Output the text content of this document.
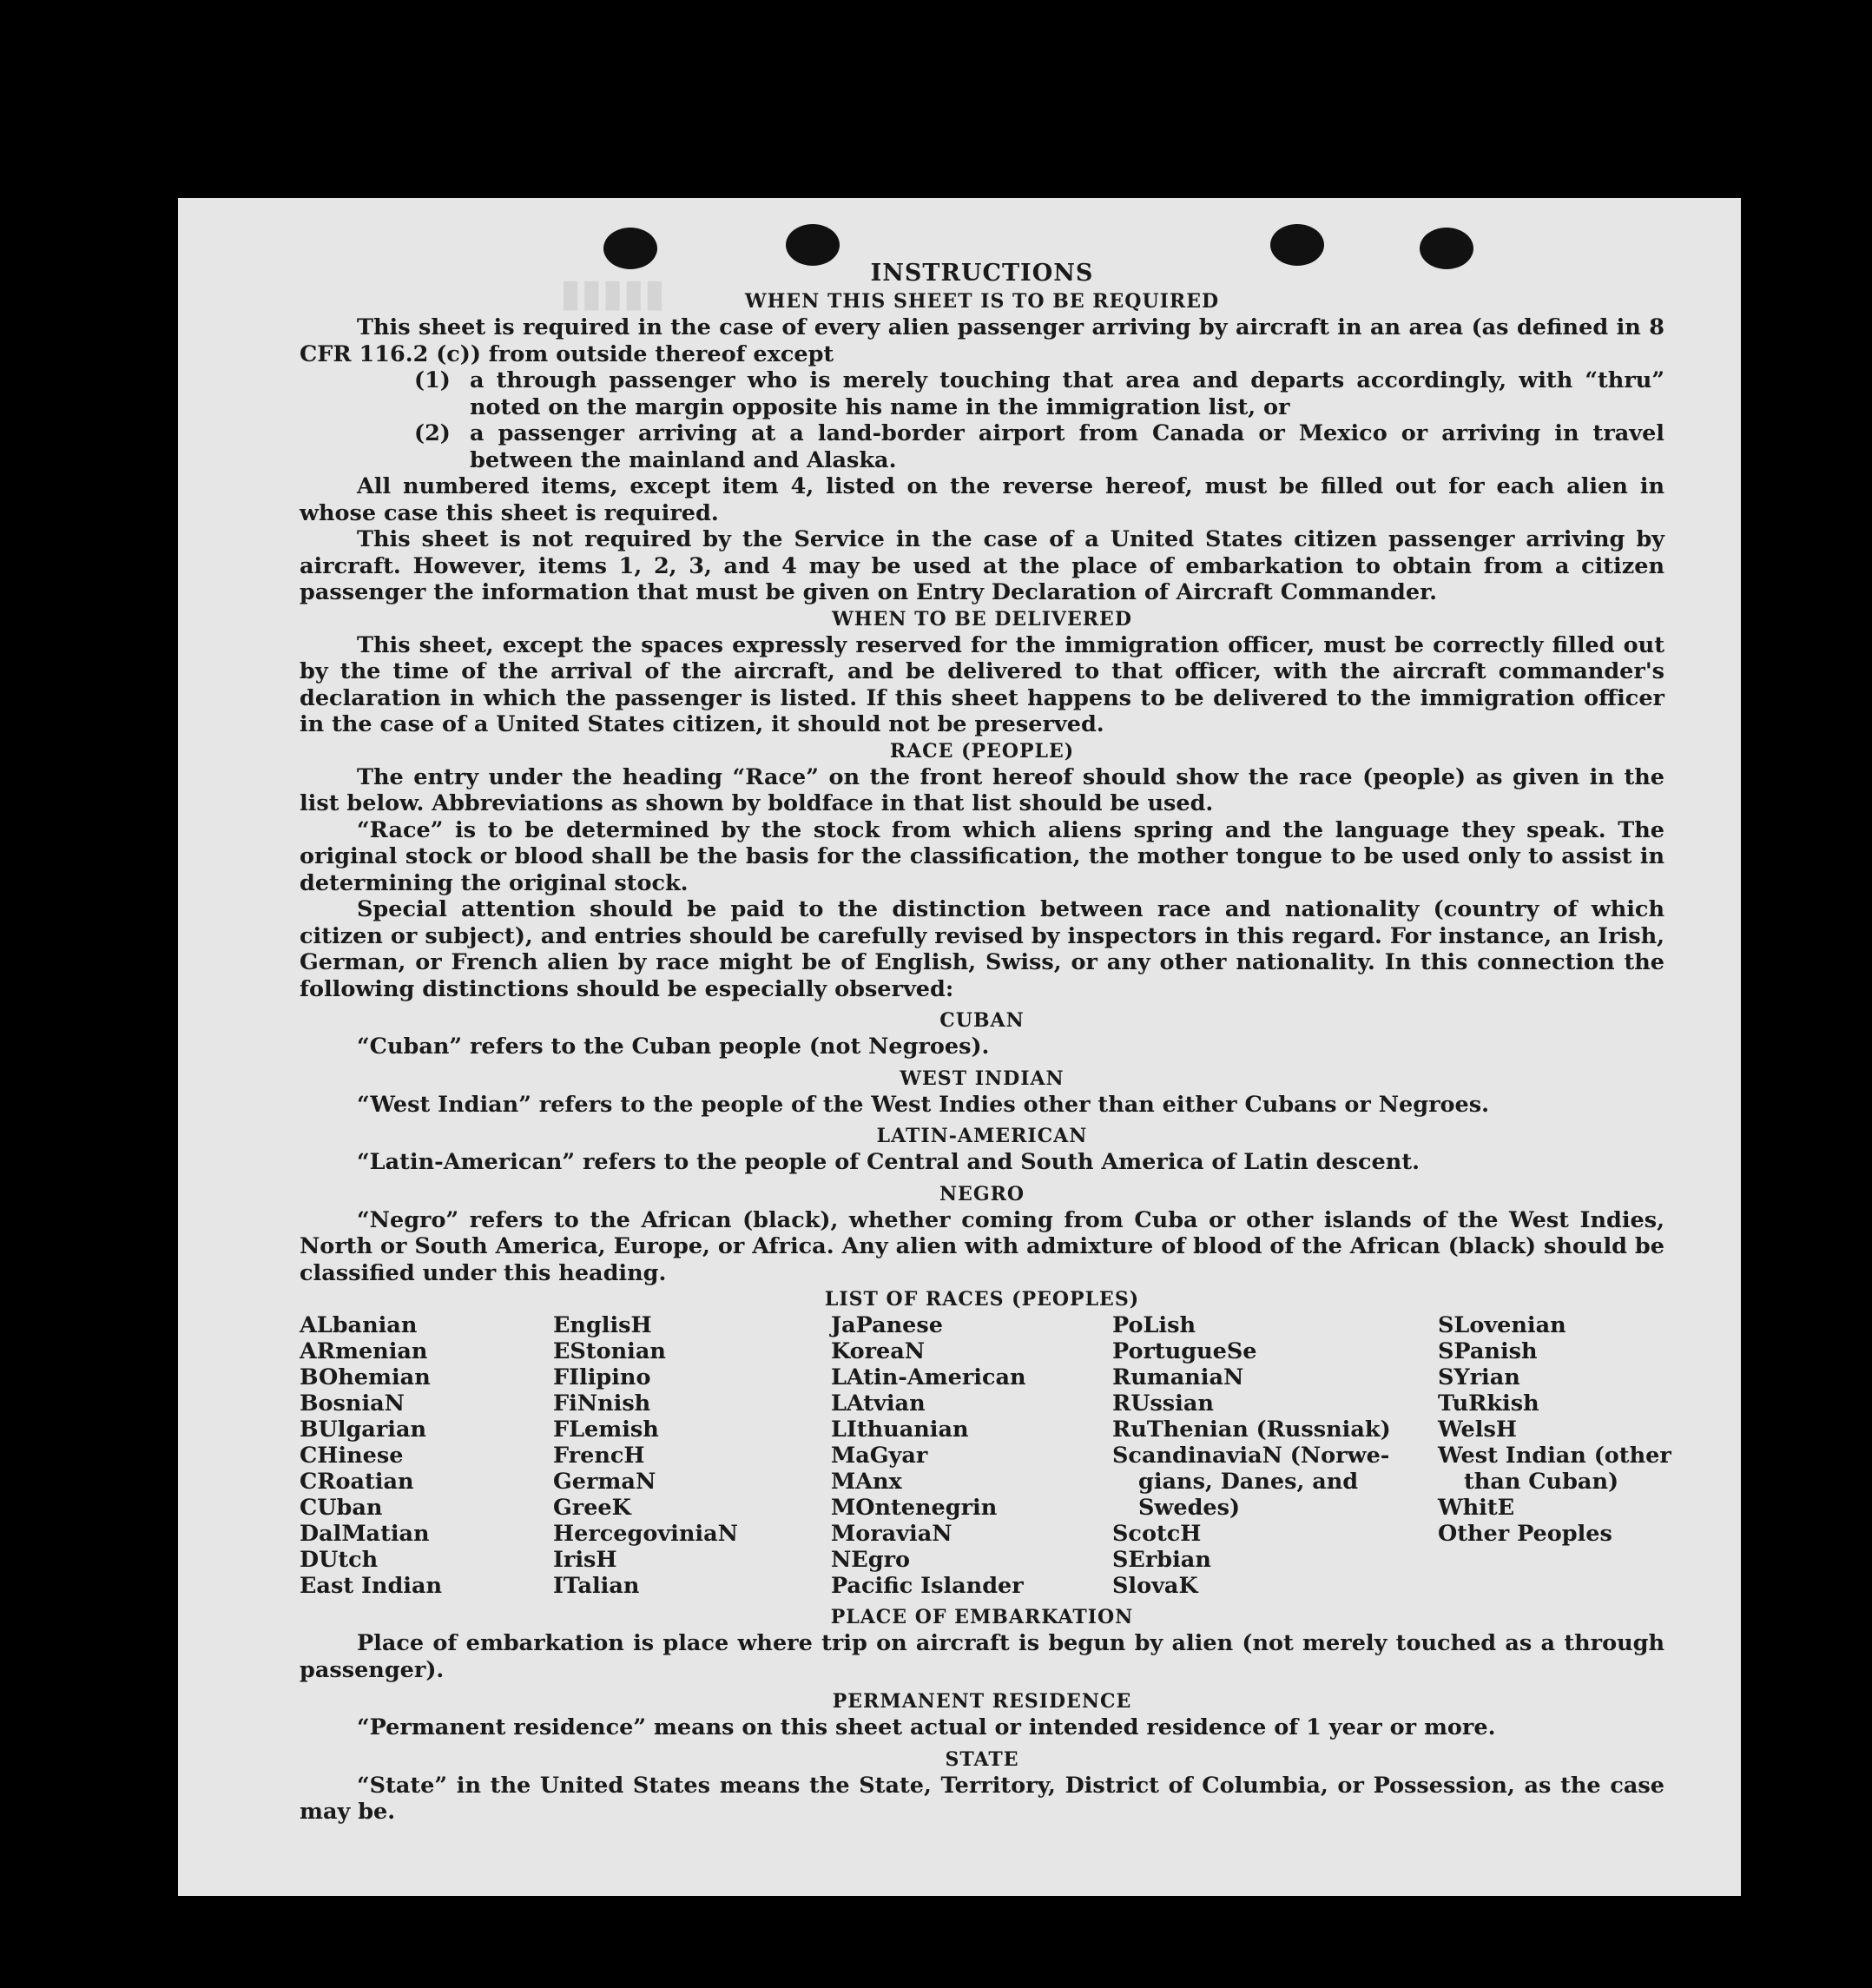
▮▮▮▮▮	INSTRUCTIONS
WHEN THIS SHEET IS TO BE REQUIRED

This sheet is required in the case of every alien passenger arriving by aircraft in an area (as defined in 8 CFR 116.2 (c)) from outside thereof except

(1) a through passenger who is merely touching that area and departs accordingly, with “thru” noted on the margin opposite his name in the immigration list, or
(2) a passenger arriving at a land-border airport from Canada or Mexico or arriving in travel between the mainland and Alaska.

All numbered items, except item 4, listed on the reverse hereof, must be filled out for each alien in whose case this sheet is required.

This sheet is not required by the Service in the case of a United States citizen passenger arriving by aircraft. However, items 1, 2, 3, and 4 may be used at the place of embarkation to obtain from a citizen passenger the information that must be given on Entry Declaration of Aircraft Commander.

WHEN TO BE DELIVERED

This sheet, except the spaces expressly reserved for the immigration officer, must be correctly filled out by the time of the arrival of the aircraft, and be delivered to that officer, with the aircraft commander's declaration in which the passenger is listed. If this sheet happens to be delivered to the immigration officer in the case of a United States citizen, it should not be preserved.

RACE (PEOPLE)

The entry under the heading “Race” on the front hereof should show the race (people) as given in the list below. Abbreviations as shown by boldface in that list should be used.

“Race” is to be determined by the stock from which aliens spring and the language they speak. The original stock or blood shall be the basis for the classification, the mother tongue to be used only to assist in determining the original stock.

Special attention should be paid to the distinction between race and nationality (country of which citizen or subject), and entries should be carefully revised by inspectors in this regard. For instance, an Irish, German, or French alien by race might be of English, Swiss, or any other nationality. In this connection the following distinctions should be especially observed:

CUBAN

“Cuban” refers to the Cuban people (not Negroes).

WEST INDIAN

“West Indian” refers to the people of the West Indies other than either Cubans or Negroes.

LATIN-AMERICAN

“Latin-American” refers to the people of Central and South America of Latin descent.

NEGRO

“Negro” refers to the African (black), whether coming from Cuba or other islands of the West Indies, North or South America, Europe, or Africa. Any alien with admixture of blood of the African (black) should be classified under this heading.

LIST OF RACES (PEOPLES)
ALbanian
ARmenian
BOhemian
BosniaN
BUlgarian
CHinese
CRoatian
CUban
DalMatian
DUtch
East Indian
EnglisH
EStonian
FIlipino
FiNnish
FLemish
FrencH
GermaN
GreeK
HercegoviniaN
IrisH
ITalian
JaPanese
KoreaN
LAtin-American
LAtvian
LIthuanian
MaGyar
MAnx
MOntenegrin
MoraviaN
NEgro
Pacific Islander
PoLish
PortugueSe
RumaniaN
RUssian
RuThenian (Russniak)
ScandinaviaN (Norwe-
gians, Danes, and
Swedes)
ScotcH
SErbian
SlovaK
SLovenian
SPanish
SYrian
TuRkish
WelsH
West Indian (other
than Cuban)
WhitE
Other Peoples
PLACE OF EMBARKATION

Place of embarkation is place where trip on aircraft is begun by alien (not merely touched as a through passenger).

PERMANENT RESIDENCE

“Permanent residence” means on this sheet actual or intended residence of 1 year or more.

STATE

“State” in the United States means the State, Territory, District of Columbia, or Possession, as the case may be.
